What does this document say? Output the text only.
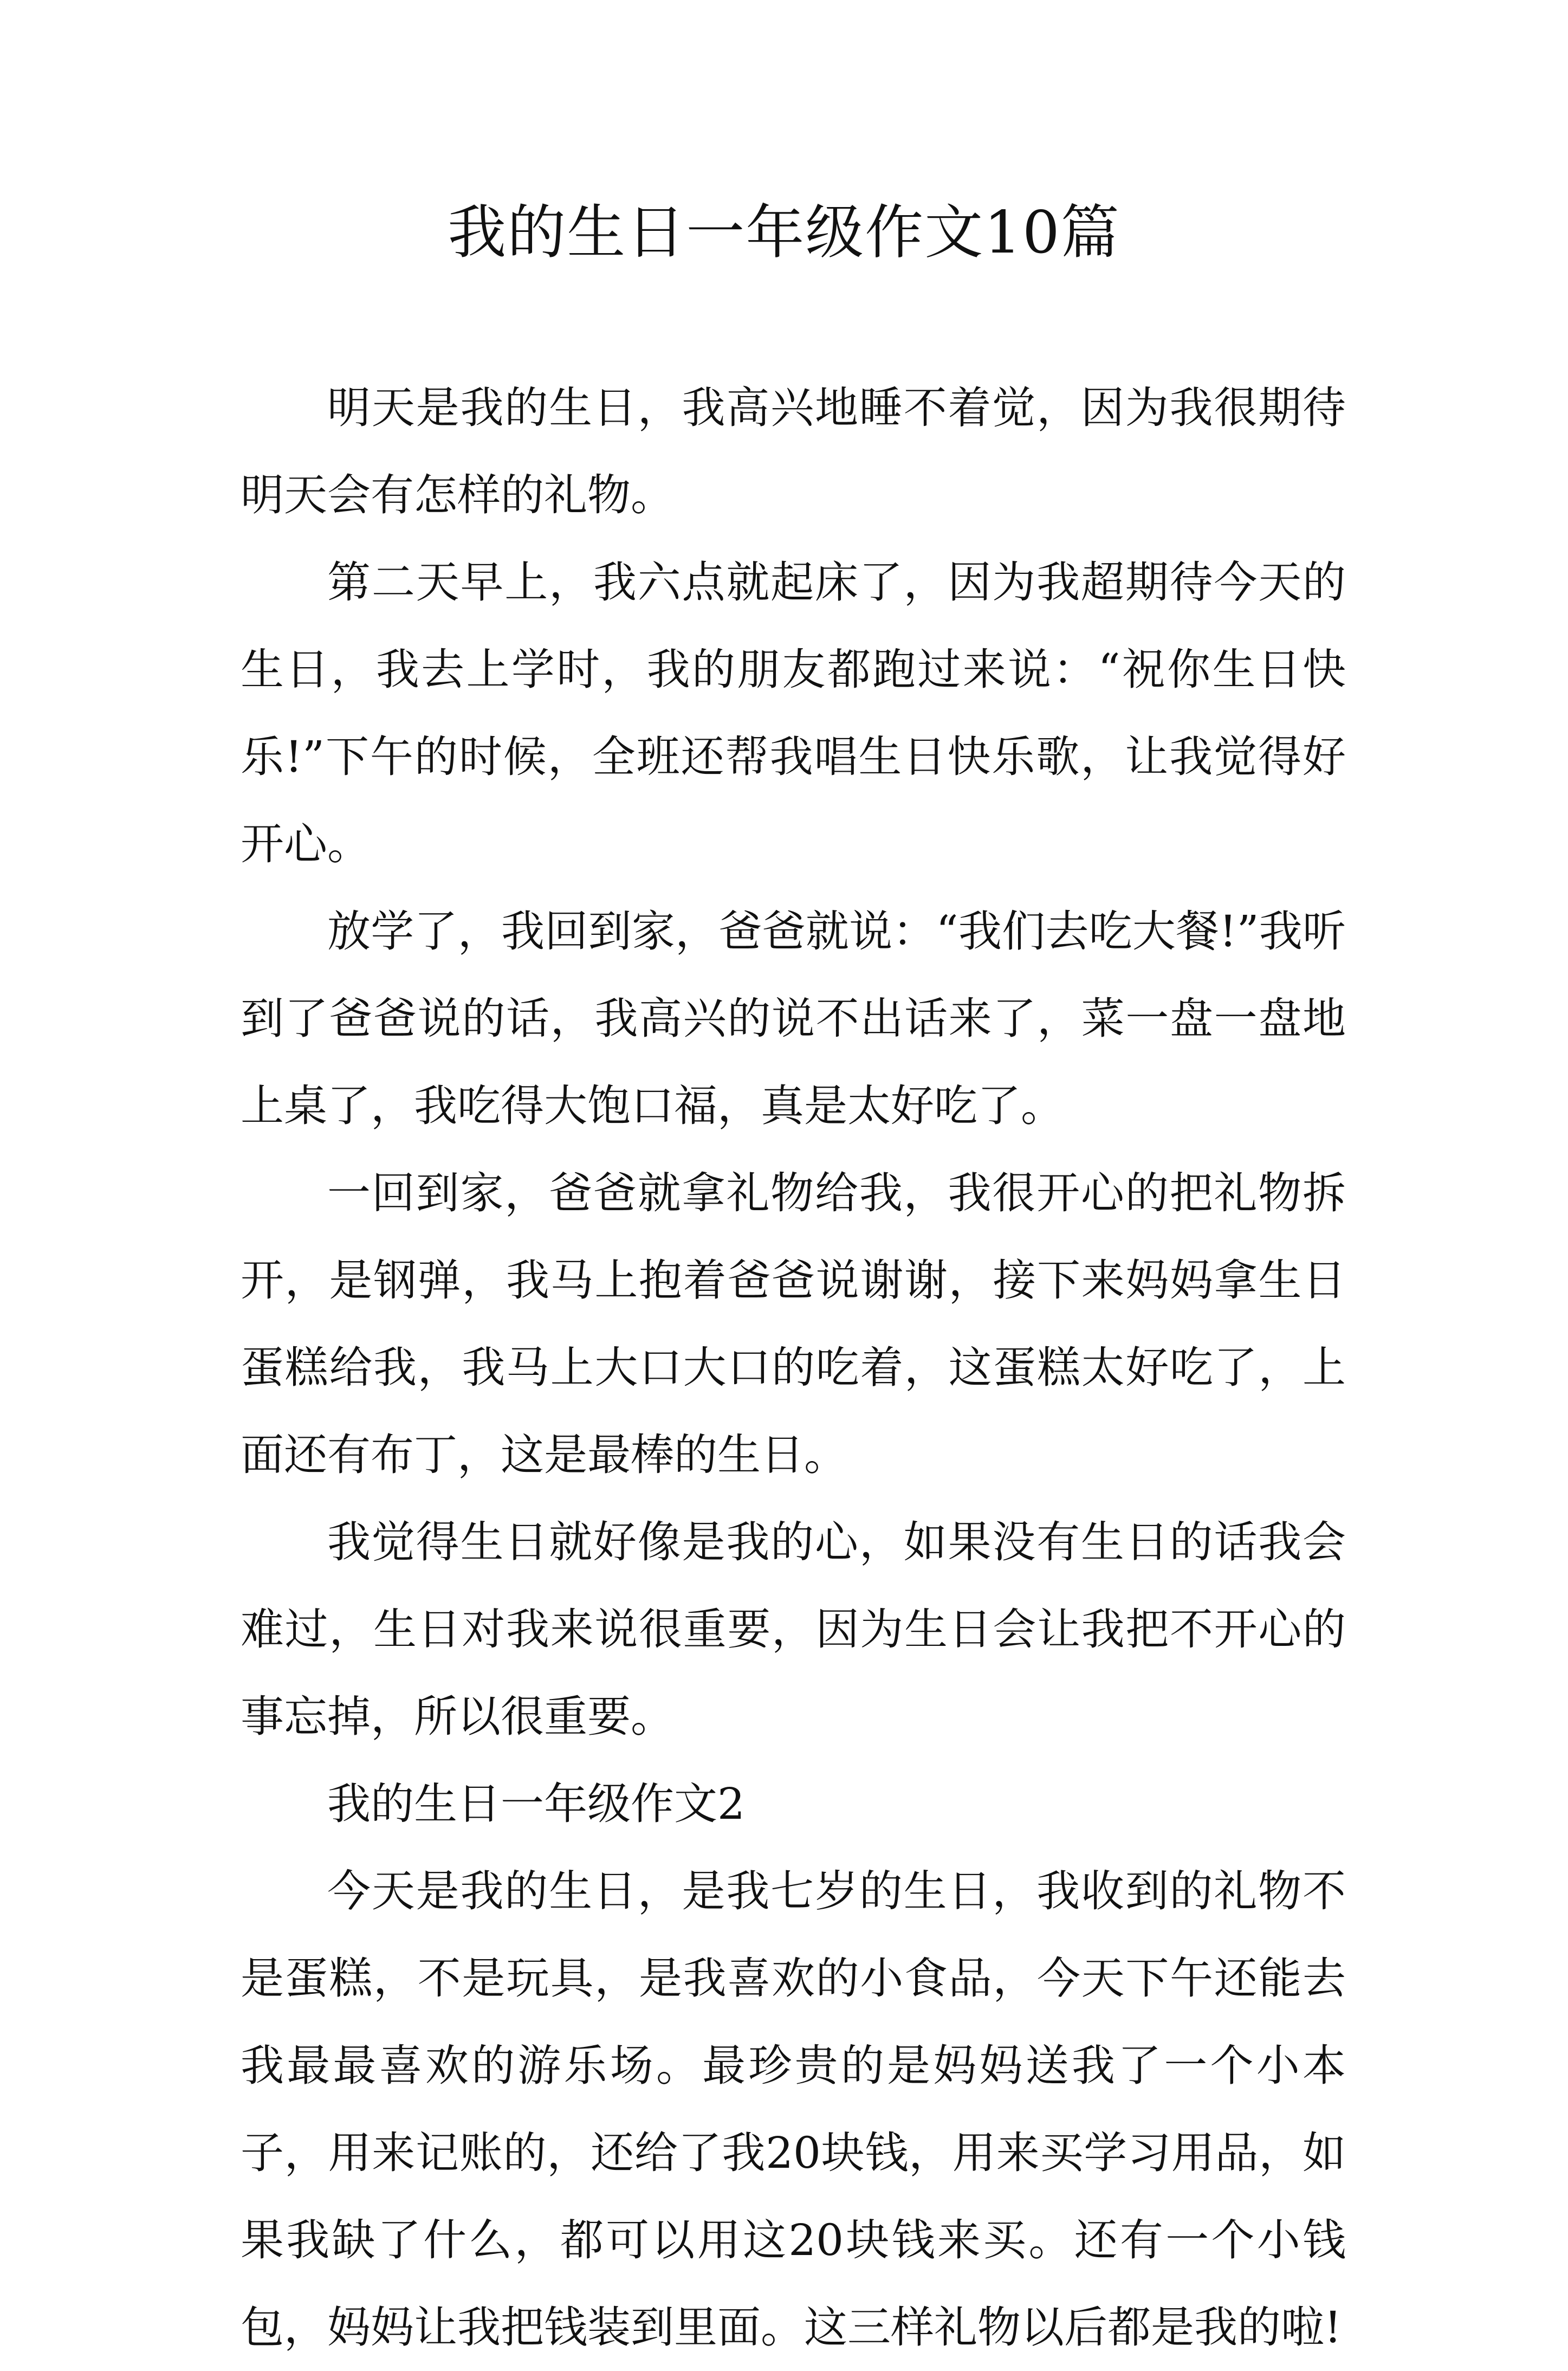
我的生日一年级作文10篇

明天是我的生日，我高兴地睡不着觉，因为我很期待明天会有怎样的礼物。

第二天早上，我六点就起床了，因为我超期待今天的生日，我去上学时，我的朋友都跑过来说：“祝你生日快乐!”下午的时候，全班还帮我唱生日快乐歌，让我觉得好开心。

放学了，我回到家，爸爸就说：“我们去吃大餐!”我听到了爸爸说的话，我高兴的说不出话来了，菜一盘一盘地上桌了，我吃得大饱口福，真是太好吃了。

一回到家，爸爸就拿礼物给我，我很开心的把礼物拆开，是钢弹，我马上抱着爸爸说谢谢，接下来妈妈拿生日蛋糕给我，我马上大口大口的吃着，这蛋糕太好吃了，上面还有布丁，这是最棒的生日。

我觉得生日就好像是我的心，如果没有生日的话我会难过，生日对我来说很重要，因为生日会让我把不开心的事忘掉，所以很重要。

我的生日一年级作文2

今天是我的生日，是我七岁的生日，我收到的礼物不是蛋糕，不是玩具，是我喜欢的小食品，今天下午还能去我最最喜欢的游乐场。最珍贵的是妈妈送我了一个小本子，用来记账的，还给了我20块钱，用来买学习用品，如果我缺了什么，都可以用这20块钱来买。还有一个小钱包，妈妈让我把钱装到里面。这三样礼物以后都是我的啦!
